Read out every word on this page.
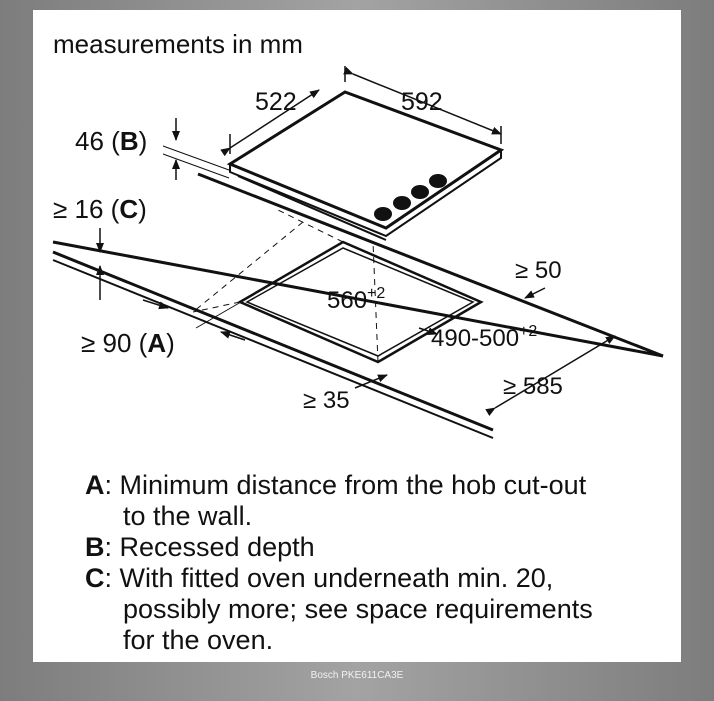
measurements in mm
522	592
46 (B)
$560^{+2}$
$490-500^{+2}$
≥ 16 (C)
≥ 90 (A)
≥ 50
≥ 35
≥ 585
A : Minimum distance from the hob cut-out
to the wall.
B : Recessed depth
C : With fitted oven underneath min. 20,
possibly more; see space requirements
for the oven.
Bosch PKE611CA3E
